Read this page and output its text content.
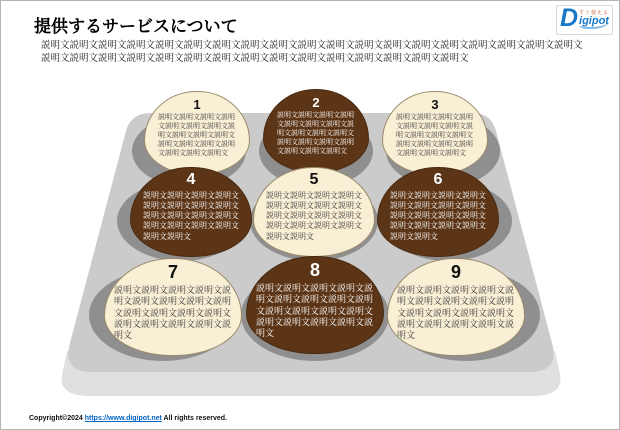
提供するサービスについて
説明文説明文説明文説明文説明文説明文説明文説明文説明文説明文説明文説明文説明文説明文説明文説明文説明文説明文説明文説明文説明文説明文説明文説明文説明文説明文説明文説明文説明文説明文説明文説明文説明文説明文
D すぐ使える
igipot
1
説明文説明文説明文説明文説明文説明文説明文説明文説明文説明文説明文説明文説明文説明文説明文説明文説明文説明文
2
説明文説明文説明文説明文説明文説明文説明文説明文説明文説明文説明文説明文説明文説明文説明文説明文説明文説明文
3
説明文説明文説明文説明文説明文説明文説明文説明文説明文説明文説明文説明文説明文説明文説明文説明文説明文説明文
4
説明文説明文説明文説明文説明文説明文説明文説明文説明文説明文説明文説明文説明文説明文説明文説明文説明文説明文
5
説明文説明文説明文説明文説明文説明文説明文説明文説明文説明文説明文説明文説明文説明文説明文説明文説明文説明文
6
説明文説明文説明文説明文説明文説明文説明文説明文説明文説明文説明文説明文説明文説明文説明文説明文説明文説明文
7
説明文説明文説明文説明文説明文説明文説明文説明文説明文説明文説明文説明文説明文説明文説明文説明文説明文説明文
8
説明文説明文説明文説明文説明文説明文説明文説明文説明文説明文説明文説明文説明文説明文説明文説明文説明文説明文
9
説明文説明文説明文説明文説明文説明文説明文説明文説明文説明文説明文説明文説明文説明文説明文説明文説明文説明文
Copyright©2024 https://www.digipot.net All rights reserved.
